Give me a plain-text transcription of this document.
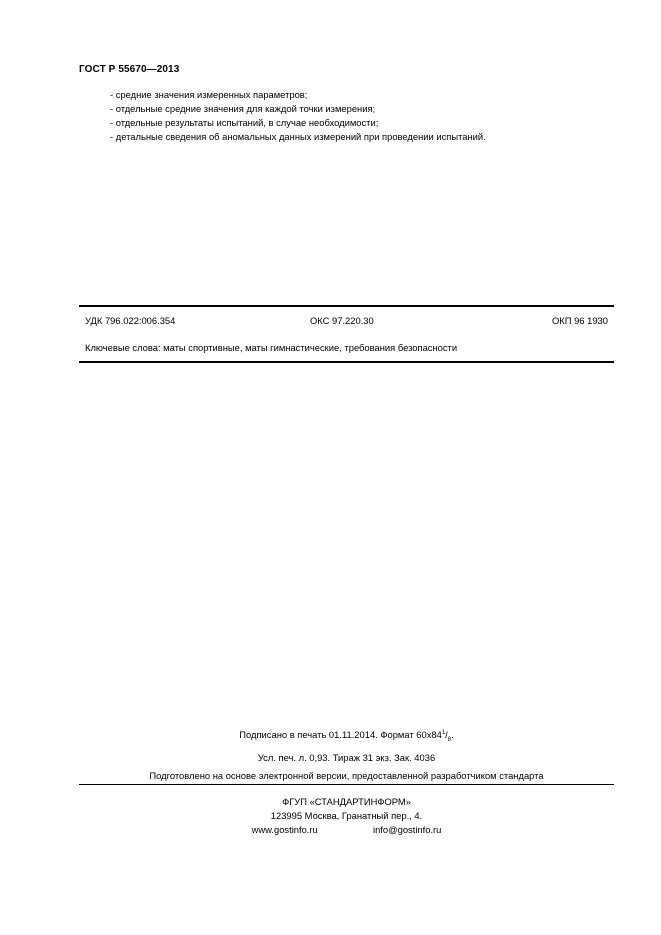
ГОСТ Р 55670—2013
- средние значения измеренных параметров;
- отдельные средние значения для каждой точки измерения;
- отдельные результаты испытаний, в случае необходимости;
- детальные сведения об аномальных данных измерений при проведении испытаний.
УДК 796.022:006.354	ОКС 97.220.30	ОКП 96 1930
Ключевые слова: маты спортивные, маты гимнастические, требования безопасности
Подписано в печать 01.11.2014. Формат $60х84^1/_8$.
Усл. печ. л. 0,93. Тираж 31 экз. Зак. 4036
Подготовлено на основе электронной версии, предоставленной разработчиком стандарта
ФГУП «СТАНДАРТИНФОРМ»
123995 Москва, Гранатный пер., 4.
www.gostinfo.ru	info@gostinfo.ru
